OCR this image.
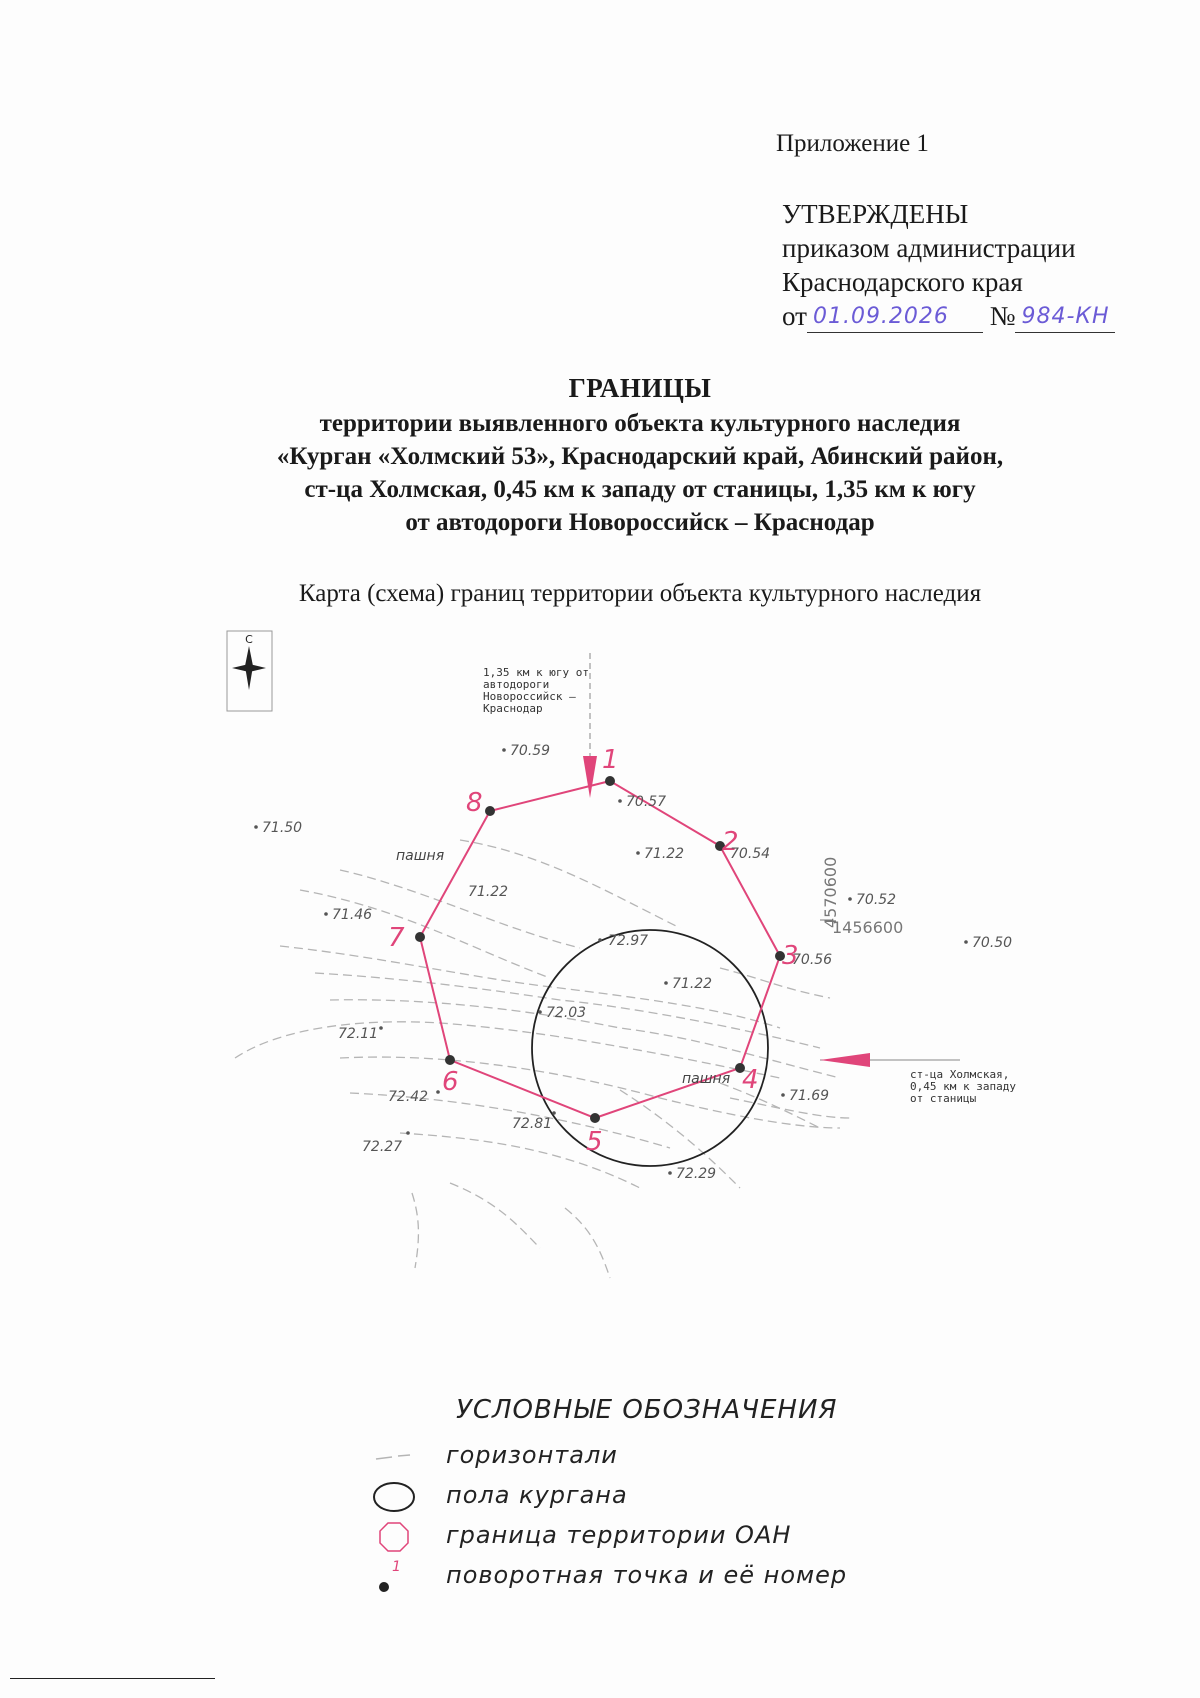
Приложение 1
УТВЕРЖДЕНЫ
приказом администрации
Краснодарского края
от 01.09.2026 № 984-КН
ГРАНИЦЫ
территории выявленного объекта культурного наследия
«Курган «Холмский 53», Краснодарский край, Абинский район,
ст-ца Холмская, 0,45 км к западу от станицы, 1,35 км к югу
от автодороги Новороссийск – Краснодар
Карта (схема) границ территории объекта культурного наследия
С
1,35 км к югу от автодороги Новороссийск – Краснодар
ст-ца Холмская, 0,45 км к западу от станицы
4570600
1456600
1
2
3
4
5
6
7
8
пашня
пашня
70.59
70.57
71.50
71.22	70.54
71.22	70.52
71.46
72.97	70.50
70.56
71.22
72.03
72.11
71.69
72.42
72.81
72.27
72.29
УСЛОВНЫЕ ОБОЗНАЧЕНИЯ
горизонтали
пола кургана
граница территории ОАН
1 поворотная точка и её номер
